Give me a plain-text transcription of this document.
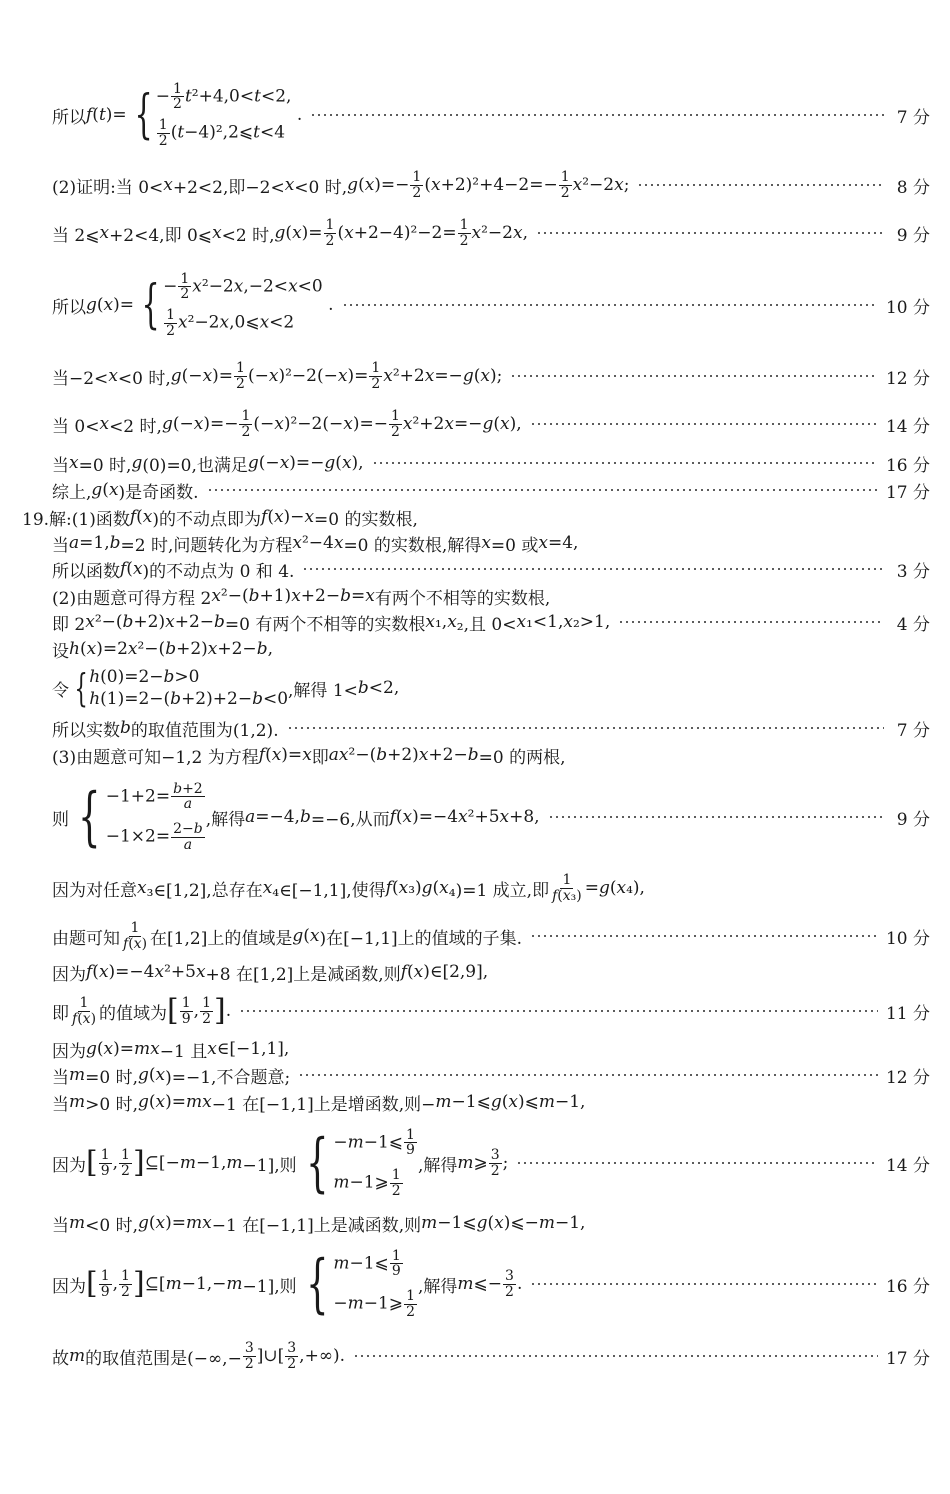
所以 f ( t )= { − $\frac{1}{2} t^2+4,0<t<2$,
$\frac{1}{2}$ (t−4)²,2⩽t<4
.	7 分
(2)证明:当 0< x +2<2,即−2< x <0 时, g ( x )=− $\frac{1}{2}$ ( $x +2)^2+4-2=- \frac{1}{2}$ x ²−2 x ;	8 分
当 2⩽ x +2<4,即 0⩽ x <2 时, g ( x )= $\frac{1}{2}$ ( $x +2-4)^2-2= \frac{1}{2}$ x ²−2 x ,	9 分
所以 g ( x )= { − $\frac{1}{2} x^2-2x,-2<x<0$
$\frac{1}{2}$ x²−2x,0⩽x<2
.	10 分
当−2< x <0 时, g (− x )= $\frac{1}{2}$ (− x )²−2(− x )= $\frac{1}{2}$ x ²+2 x =− g ( x );	12 分
当 0< x <2 时, g (− x )=− $\frac{1}{2}$ (− x )²−2(− x )=− $\frac{1}{2}$ x ²+2 x =− g ( x ),	14 分
当 x =0 时, g (0)=0,也满足 g (− x )=− g ( x ),	16 分
综上, g ( x )是奇函数.	17 分
19.解:(1)函数 f ( x )的不动点即为 f ( x )− x =0 的实数根,
当 a =1, b =2 时,问题转化为方程 x ²−4 x =0 的实数根,解得 x =0 或 x =4,
所以函数 f ( x )的不动点为 0 和 4.	3 分
(2)由题意可得方程 2 x ²−( b +1) x +2− b = x 有两个不相等的实数根,
即 2 x ²−( b +2) x +2− b =0 有两个不相等的实数根 x ₁, x ₂,且 0< x ₁<1, x ₂>1,	4 分
设 h ( x )=2 x ²−( b +2) x +2− b ,
令 { h(0)=2−b>0
h(1)=2−(b+2)+2−b<0 ,解得 1< b <2,
所以实数 b 的取值范围为(1,2).	7 分
(3)由题意可知−1,2 为方程 f ( x )= x 即 ax ²−( b +2) x +2− b =0 的两根,
则 { $-1+2= \frac{b+2}{a}$
$-1\times 2= \frac{2-b}{a}$
,解得 a =−4, b =−6,从而 f ( x )=−4 x ²+5 x +8,	9 分
因为对任意 x ₃∈[1,2],总存在 x ₄∈[−1,1],使得 f ( x ₃) g ( x ₄)=1 成立,即 $\frac{1}{\text{f(x₃)}} = g$ ( x ₄),
由题可知 $\frac{1}{f(x)}$ 在[1,2]上的值域是 g ( x )在[−1,1]上的值域的子集.	10 分
因为 f ( x )=−4 x ²+5 x +8 在[1,2]上是减函数,则 f ( x )∈[2,9],
即 $\frac{1}{f(x)}$ 的值域为 [ $\frac{1}{9}$ , $\frac{1}{2}$ ] .	11 分
因为 g ( x )= mx −1 且 x ∈[−1,1],
当 m =0 时, g ( x )=−1,不合题意;	12 分
当 m >0 时, g ( x )= mx −1 在[−1,1]上是增函数,则− m −1⩽ g ( x )⩽ m −1,
因为 [ $\frac{1}{9}$ , $\frac{1}{2}$ ] ⊆[− m −1, m −1],则 { −m−1⩽ $\frac{1}{9}$
m−1⩾ $\frac{1}{2}$
,解得 m ⩾ $\frac{3}{2}$ ;	14 分
当 m <0 时, g ( x )= mx −1 在[−1,1]上是减函数,则 m −1⩽ g ( x )⩽− m −1,
因为 [ $\frac{1}{9}$ , $\frac{1}{2}$ ] ⊆[ m −1,− m −1],则 { m−1⩽ $\frac{1}{9}$
−m−1⩾ $\frac{1}{2}$
,解得 m ⩽− $\frac{3}{2}$ .	16 分
故 m 的取值范围是(−∞,− $\frac{3}{2}$ ]∪[ $\frac{3}{2}$ ,+∞).	17 分
